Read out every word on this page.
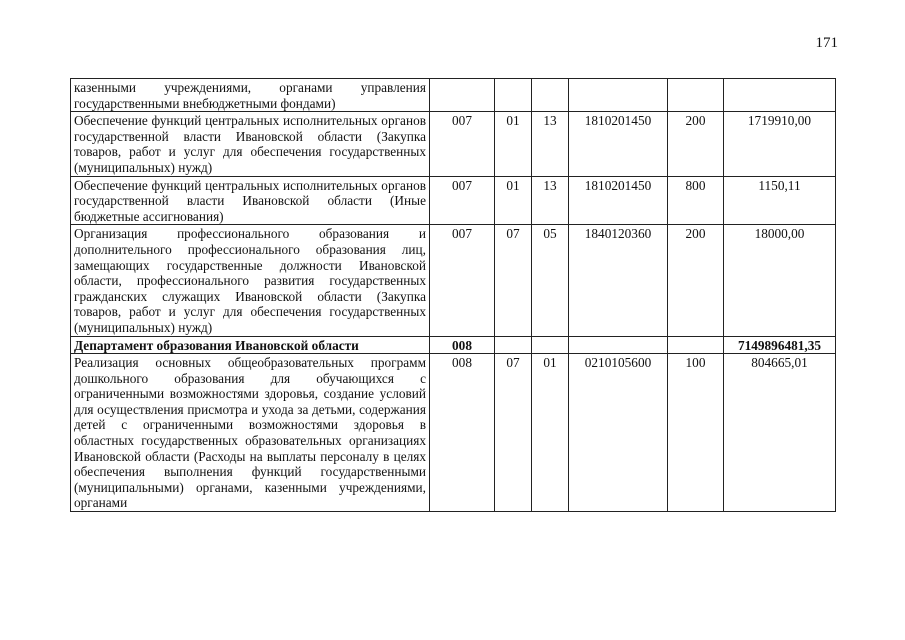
171
казенными учреждениями, органами управления государственными внебюджетными фондами)						
Обеспечение функций центральных исполнительных органов государственной власти Ивановской области (Закупка товаров, работ и услуг для обеспечения государственных (муниципальных) нужд)	007	01	13	1810201450	200	1719910,00
Обеспечение функций центральных исполнительных органов государственной власти Ивановской области (Иные бюджетные ассигнования)	007	01	13	1810201450	800	1150,11
Организация профессионального образования и дополнительного профессионального образования лиц, замещающих государственные должности Ивановской области, профессионального развития государственных гражданских служащих Ивановской области (Закупка товаров, работ и услуг для обеспечения государственных (муниципальных) нужд)	007	07	05	1840120360	200	18000,00
Департамент образования Ивановской области	008					7149896481,35
Реализация основных общеобразовательных программ дошкольного образования для обучающихся с ограниченными возможностями здоровья, создание условий для осуществления присмотра и ухода за детьми, содержания детей с ограниченными возможностями здоровья в областных государственных образовательных организациях Ивановской области (Расходы на выплаты персоналу в целях обеспечения выполнения функций государственными (муниципальными) органами, казенными учреждениями, органами	008	07	01	0210105600	100	804665,01
